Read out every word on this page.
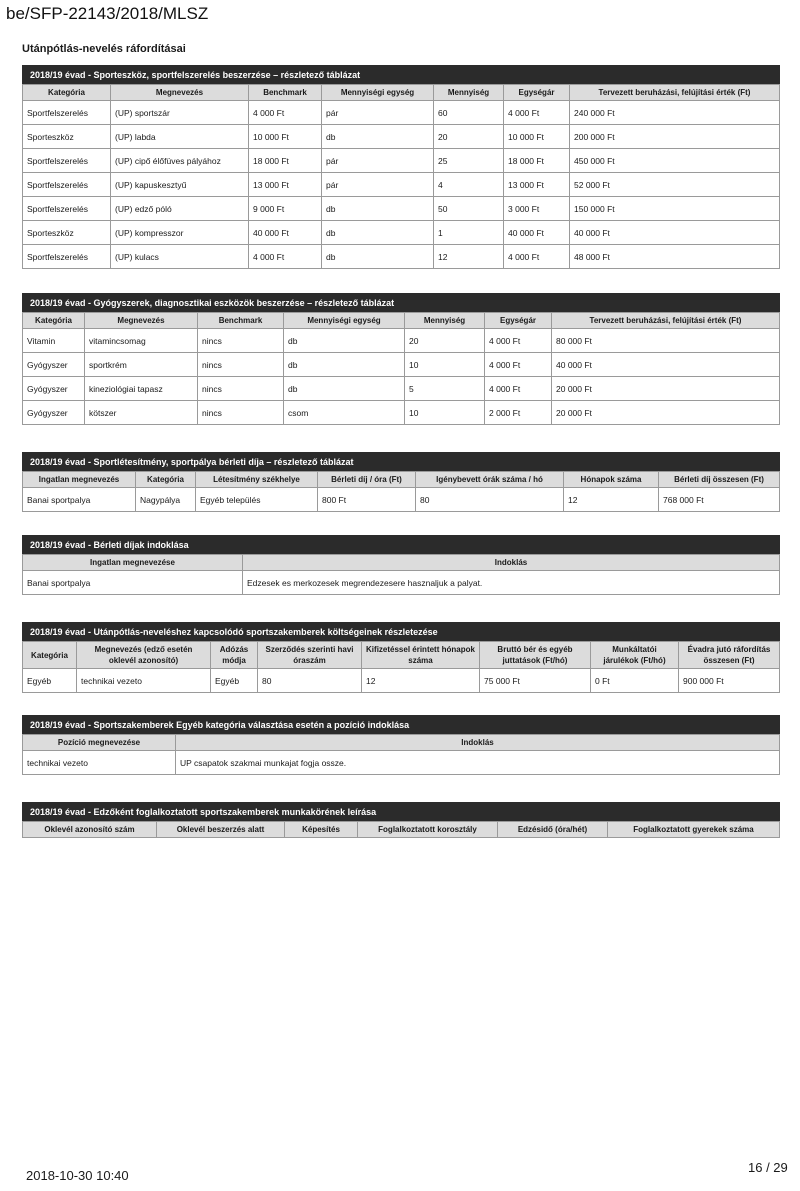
be/SFP-22143/2018/MLSZ
Utánpótlás-nevelés ráfordításai
2018/19 évad - Sporteszköz, sportfelszerelés beszerzése – részletező táblázat
Kategória	Megnevezés	Benchmark	Mennyiségi egység	Mennyiség	Egységár	Tervezett beruházási, felújítási érték (Ft)
Sportfelszerelés	(UP) sportszár	4 000 Ft	pár	60	4 000 Ft	240 000 Ft
Sporteszköz	(UP) labda	10 000 Ft	db	20	10 000 Ft	200 000 Ft
Sportfelszerelés	(UP) cipő élőfüves pályához	18 000 Ft	pár	25	18 000 Ft	450 000 Ft
Sportfelszerelés	(UP) kapuskesztyű	13 000 Ft	pár	4	13 000 Ft	52 000 Ft
Sportfelszerelés	(UP) edző póló	9 000 Ft	db	50	3 000 Ft	150 000 Ft
Sporteszköz	(UP) kompresszor	40 000 Ft	db	1	40 000 Ft	40 000 Ft
Sportfelszerelés	(UP) kulacs	4 000 Ft	db	12	4 000 Ft	48 000 Ft
2018/19 évad - Gyógyszerek, diagnosztikai eszközök beszerzése – részletező táblázat
Kategória	Megnevezés	Benchmark	Mennyiségi egység	Mennyiség	Egységár	Tervezett beruházási, felújítási érték (Ft)
Vitamin	vitamincsomag	nincs	db	20	4 000 Ft	80 000 Ft
Gyógyszer	sportkrém	nincs	db	10	4 000 Ft	40 000 Ft
Gyógyszer	kineziológiai tapasz	nincs	db	5	4 000 Ft	20 000 Ft
Gyógyszer	kötszer	nincs	csom	10	2 000 Ft	20 000 Ft
2018/19 évad - Sportlétesítmény, sportpálya bérleti díja – részletező táblázat
Ingatlan megnevezés	Kategória	Létesítmény székhelye	Bérleti díj / óra (Ft)	Igénybevett órák száma / hó	Hónapok száma	Bérleti díj összesen (Ft)
Banai sportpalya	Nagypálya	Egyéb település	800 Ft	80	12	768 000 Ft
2018/19 évad - Bérleti díjak indoklása
Ingatlan megnevezése	Indoklás
Banai sportpalya	Edzesek es merkozesek megrendezesere hasznaljuk a palyat.
2018/19 évad - Utánpótlás-neveléshez kapcsolódó sportszakemberek költségeinek részletezése
Kategória	Megnevezés (edző esetén oklevél azonosító)	Adózás módja	Szerződés szerinti havi óraszám	Kifizetéssel érintett hónapok száma	Bruttó bér és egyéb juttatások (Ft/hó)	Munkáltatói járulékok (Ft/hó)	Évadra jutó ráfordítás összesen (Ft)
Egyéb	technikai vezeto	Egyéb	80	12	75 000 Ft	0 Ft	900 000 Ft
2018/19 évad - Sportszakemberek Egyéb kategória választása esetén a pozíció indoklása
Pozíció megnevezése	Indoklás
technikai vezeto	UP csapatok szakmai munkajat fogja ossze.
2018/19 évad - Edzőként foglalkoztatott sportszakemberek munkakörének leírása
Oklevél azonosító szám	Oklevél beszerzés alatt	Képesítés	Foglalkoztatott korosztály	Edzésidő (óra/hét)	Foglalkoztatott gyerekek száma
2018-10-30 10:40
16 / 29
